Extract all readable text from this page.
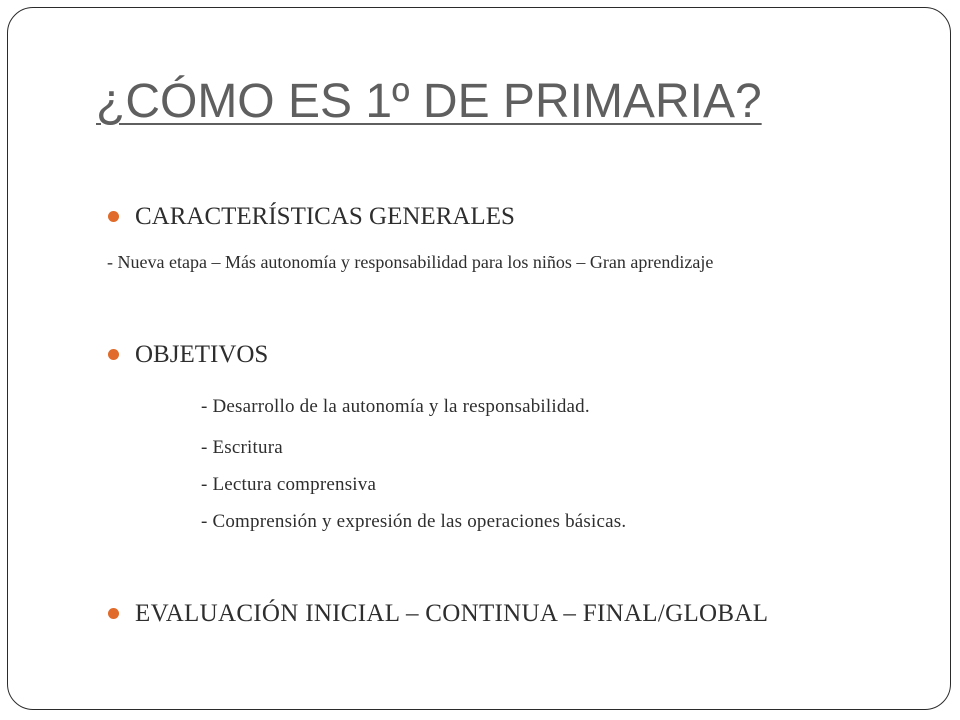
¿CÓMO ES 1º DE PRIMARIA?
CARACTERÍSTICAS GENERALES
- Nueva etapa – Más autonomía y responsabilidad para los niños – Gran aprendizaje
OBJETIVOS
- Desarrollo de la autonomía y la responsabilidad.
- Escritura
- Lectura comprensiva
- Comprensión y expresión de las operaciones básicas.
EVALUACIÓN INICIAL – CONTINUA – FINAL/GLOBAL
